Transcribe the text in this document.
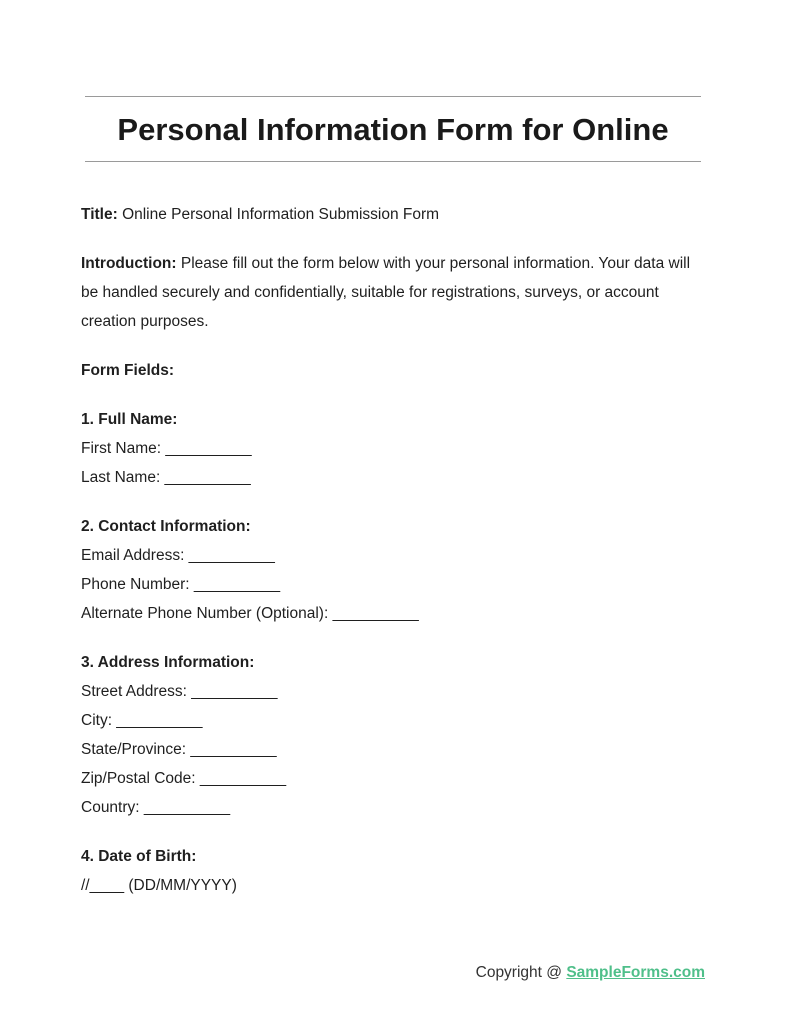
Personal Information Form for Online

Title: Online Personal Information Submission Form

Introduction: Please fill out the form below with your personal information. Your data will be handled securely and confidentially, suitable for registrations, surveys, or account creation purposes.

Form Fields:

1. Full Name:
First Name: __________
Last Name: __________
2. Contact Information:
Email Address: __________
Phone Number: __________
Alternate Phone Number (Optional): __________
3. Address Information:
Street Address: __________
City: __________
State/Province: __________
Zip/Postal Code: __________
Country: __________
4. Date of Birth:
//____ (DD/MM/YYYY)
Copyright @ SampleForms.com
